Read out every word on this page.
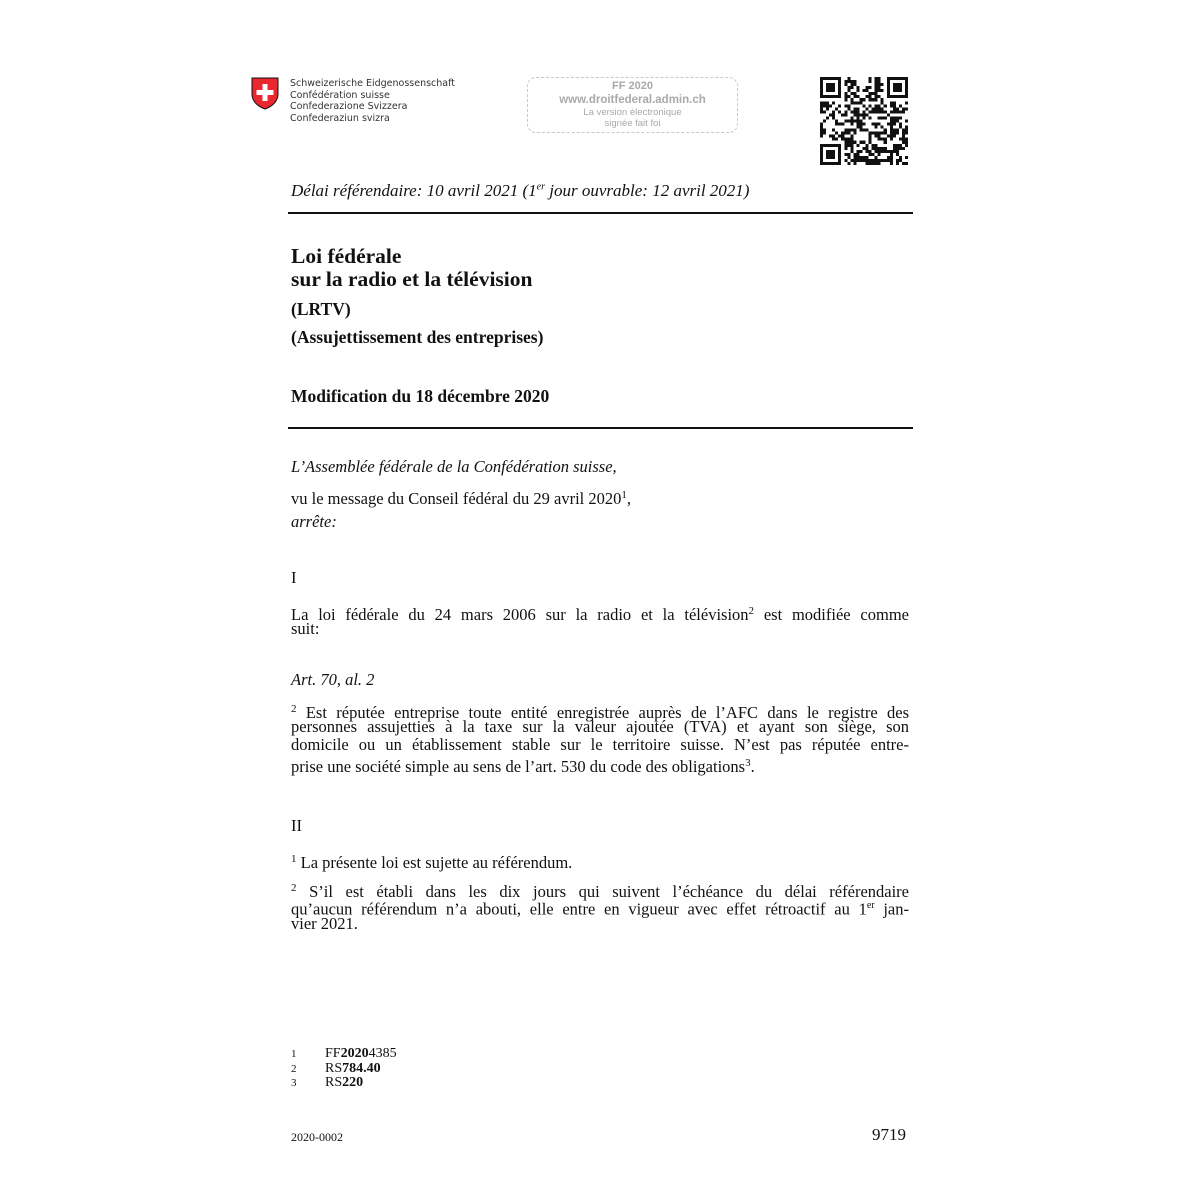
Schweizerische Eidgenossenschaft
Confédération suisse
Confederazione Svizzera
Confederaziun svizra
FF 2020
www.droitfederal.admin.ch
La version électronique
signée fait foi
Délai référendaire: 10 avril 2021 (1er jour ouvrable: 12 avril 2021)
Loi fédérale
sur la radio et la télévision
(LRTV)
(Assujettissement des entreprises)
Modification du 18 décembre 2020
L’Assemblée fédérale de la Confédération suisse,
vu le message du Conseil fédéral du 29 avril 2020$^1$,
arrête:
I
La loi fédérale du 24 mars 2006 sur la radio et la télévision$^2$ est modifiée comme
suit:
Art. 70, al. 2
$^2$ Est réputée entreprise toute entité enregistrée auprès de l’AFC dans le registre des
personnes assujetties à la taxe sur la valeur ajoutée (TVA) et ayant son siège, son
domicile ou un établissement stable sur le territoire suisse. N’est pas réputée entre-
prise une société simple au sens de l’art. 530 du code des obligations$^3$.
II
$^1$ La présente loi est sujette au référendum.
$^2$ S’il est établi dans les dix jours qui suivent l’échéance du délai référendaire
qu’aucun référendum n’a abouti, elle entre en vigueur avec effet rétroactif au 1er jan-
vier 2021.
1	FF 2020 4385
2	RS 784.40
3	RS 220
2020-0002	9719
